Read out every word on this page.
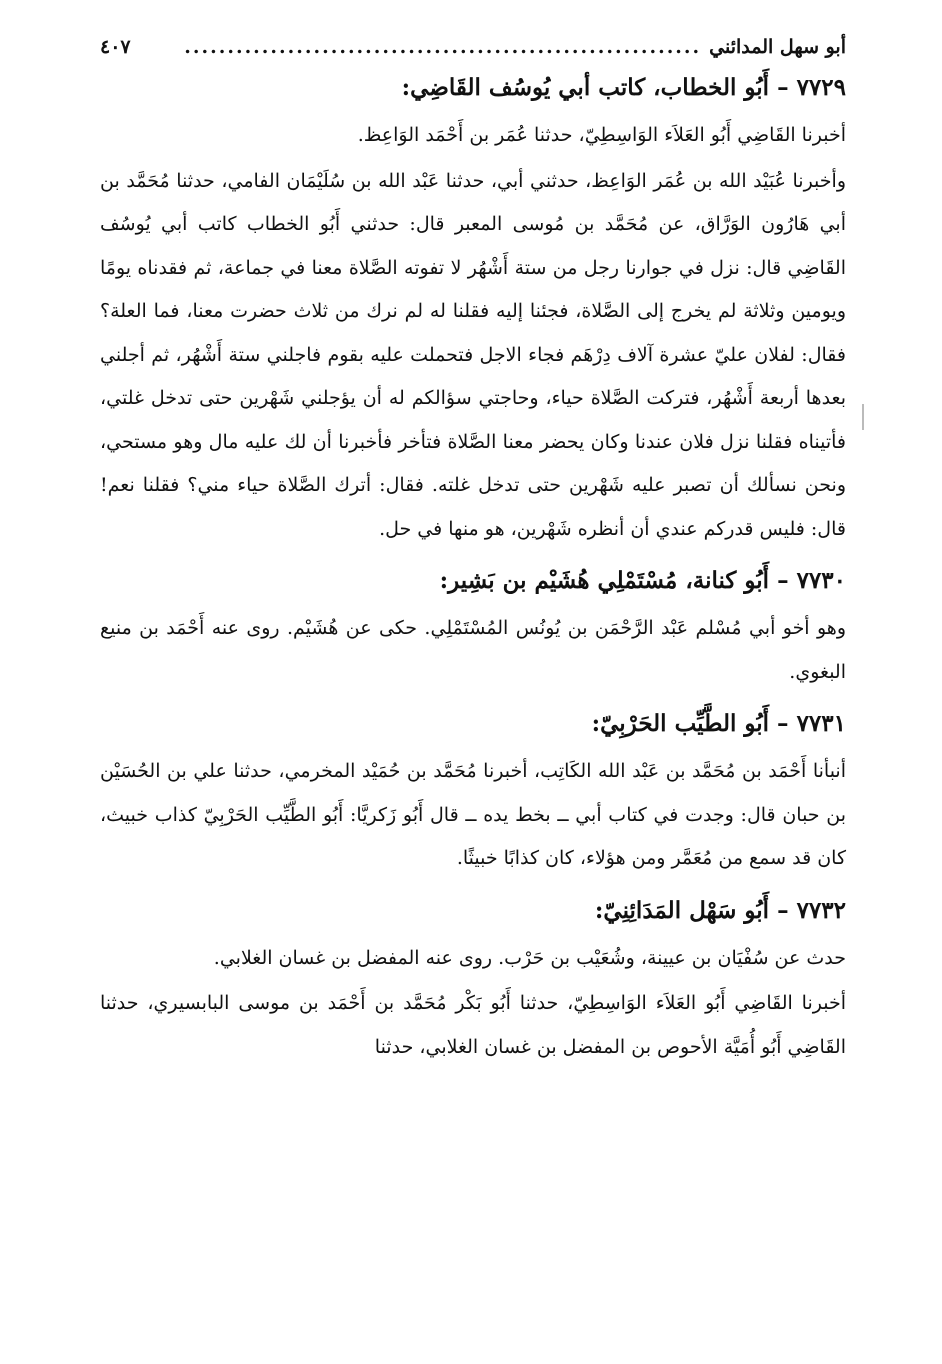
أبو سهل المدائني
............................................................
٤٠٧
٧٧٢٩ – أَبُو الخطاب، كاتب أبي يُوسُف القَاضِي:

أخبرنا القَاضِي أَبُو العَلاَء الوَاسِطِيّ، حدثنا عُمَر بن أَحْمَد الوَاعِظ.

وأخبرنا عُبَيْد الله بن عُمَر الوَاعِظ، حدثني أبي، حدثنا عَبْد الله بن سُلَيْمَان الفامي، حدثنا مُحَمَّد بن أبي هَارُون الوَرَّاق، عن مُحَمَّد بن مُوسى المعبر قال: حدثني أَبُو الخطاب كاتب أبي يُوسُف القَاضِي قال: نزل في جوارنا رجل من ستة أَشْهُر لا تفوته الصَّلاة معنا في جماعة، ثم فقدناه يومًا ويومين وثلاثة لم يخرج إلى الصَّلاة، فجئنا إليه فقلنا له لم نرك من ثلاث حضرت معنا، فما العلة؟ فقال: لفلان عليّ عشرة آلاف دِرْهَم فجاء الاجل فتحملت عليه بقوم فاجلني ستة أَشْهُر، ثم أجلني بعدها أربعة أَشْهُر، فتركت الصَّلاة حياء، وحاجتي سؤالكم له أن يؤجلني شَهْرين حتى تدخل غلتي، فأتيناه فقلنا نزل فلان عندنا وكان يحضر معنا الصَّلاة فتأخر فأخبرنا أن لك عليه مال وهو مستحي، ونحن نسألك أن تصبر عليه شَهْرين حتى تدخل غلته. فقال: أترك الصَّلاة حياء مني؟ فقلنا نعم! قال: فليس قدركم عندي أن أنظره شَهْرين، هو منها في حل.

٧٧٣٠ – أَبُو كنانة، مُسْتَمْلِي هُشَيْم بن بَشِير:

وهو أخو أبي مُسْلم عَبْد الرَّحْمَن بن يُونُس المُسْتَمْلِي. حكى عن هُشَيْم. روى عنه أَحْمَد بن منيع البغوي.

٧٧٣١ – أَبُو الطَّيِّب الحَرْبِيّ:

أنبأنا أَحْمَد بن مُحَمَّد بن عَبْد الله الكَاتِب، أخبرنا مُحَمَّد بن حُمَيْد المخرمي، حدثنا علي بن الحُسَيْن بن حبان قال: وجدت في كتاب أبي ــ بخط يده ــ قال أَبُو زَكريَّا: أَبُو الطَّيِّب الحَرْبِيّ كذاب خبيث، كان قد سمع من مُعَمَّر ومن هؤلاء، كان كذابًا خبيثًا.

٧٧٣٢ – أَبُو سَهْل المَدَائِنِيّ:

حدث عن سُفْيَان بن عيينة، وشُعَيْب بن حَرْب. روى عنه المفضل بن غسان الغلابي.

أخبرنا القَاضِي أَبُو العَلاَء الوَاسِطِيّ، حدثنا أَبُو بَكْر مُحَمَّد بن أَحْمَد بن موسى البابسيري، حدثنا القَاضِي أَبُو أُمَيَّة الأحوص بن المفضل بن غسان الغلابي، حدثنا
